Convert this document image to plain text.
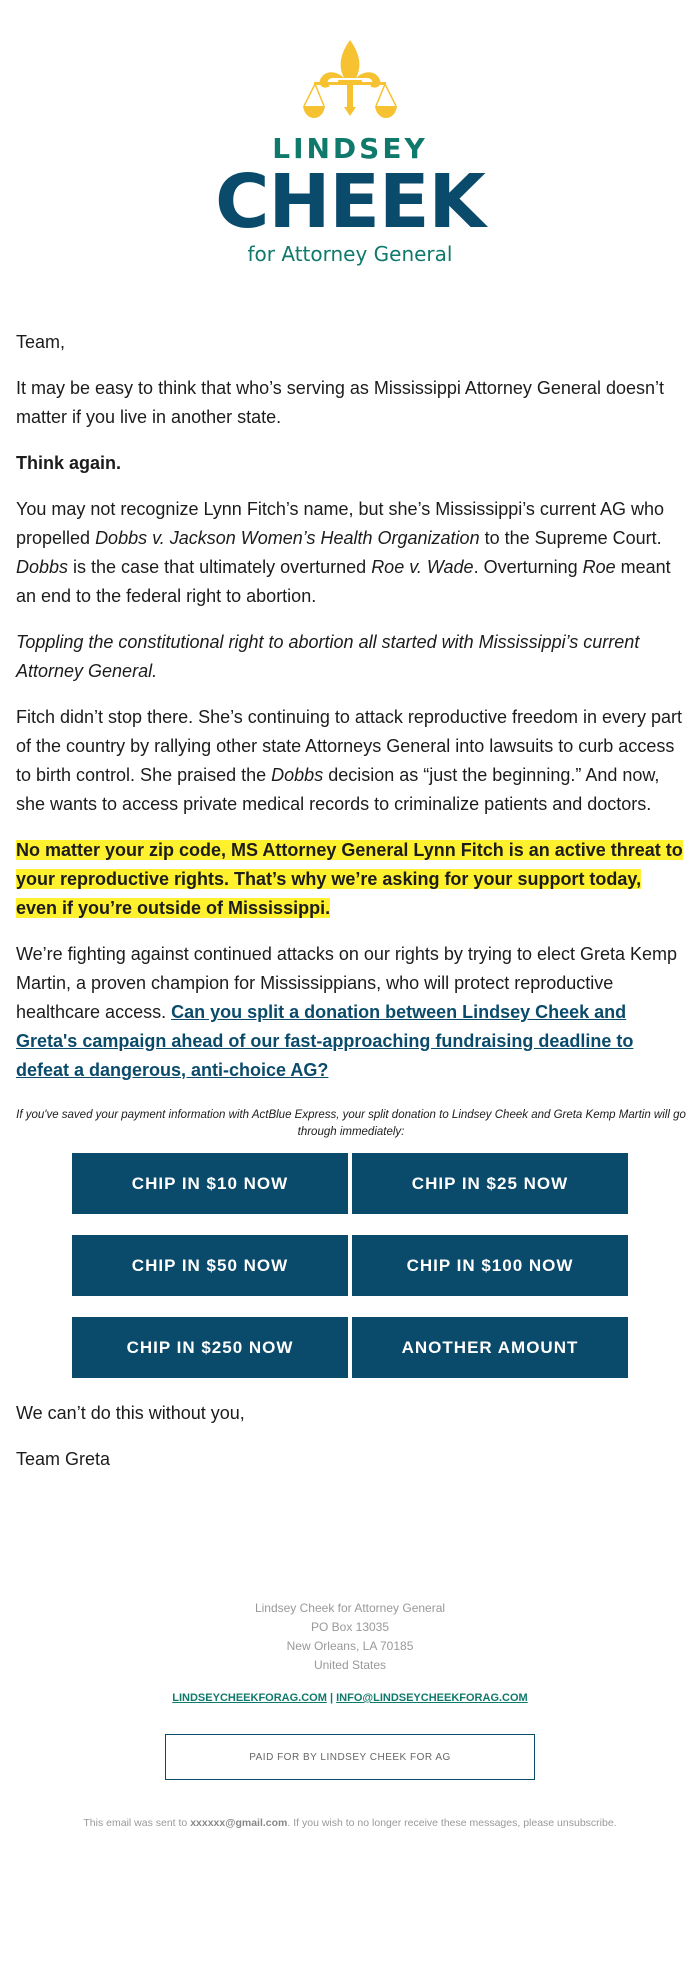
LINDSEY
CHEEK
for Attorney General

Team,

It may be easy to think that who’s serving as Mississippi Attorney General doesn’t matter if you live in another state.

Think again.

You may not recognize Lynn Fitch’s name, but she’s Mississippi’s current AG who propelled Dobbs v. Jackson Women’s Health Organization to the Supreme Court. Dobbs is the case that ultimately overturned Roe v. Wade. Overturning Roe meant an end to the federal right to abortion.

Toppling the constitutional right to abortion all started with Mississippi’s current Attorney General.

Fitch didn’t stop there. She’s continuing to attack reproductive freedom in every part of the country by rallying other state Attorneys General into lawsuits to curb access to birth control. She praised the Dobbs decision as “just the beginning.” And now, she wants to access private medical records to criminalize patients and doctors.

No matter your zip code, MS Attorney General Lynn Fitch is an active threat to your reproductive rights. That’s why we’re asking for your support today, even if you’re outside of Mississippi.

We’re fighting against continued attacks on our rights by trying to elect Greta Kemp Martin, a proven champion for Mississippians, who will protect reproductive healthcare access. Can you split a donation between Lindsey Cheek and Greta's campaign ahead of our fast-approaching fundraising deadline to defeat a dangerous, anti-choice AG?

If you've saved your payment information with ActBlue Express, your split donation to Lindsey Cheek and Greta Kemp Martin will go through immediately:
CHIP IN $10 NOW	CHIP IN $25 NOW
CHIP IN $50 NOW	CHIP IN $100 NOW
CHIP IN $250 NOW	ANOTHER AMOUNT

We can’t do this without you,

Team Greta

Lindsey Cheek for Attorney General
PO Box 13035
New Orleans, LA 70185
United States
LINDSEYCHEEKFORAG.COM | INFO@LINDSEYCHEEKFORAG.COM
PAID FOR BY LINDSEY CHEEK FOR AG
This email was sent to xxxxxx@gmail.com. If you wish to no longer receive these messages, please unsubscribe.
